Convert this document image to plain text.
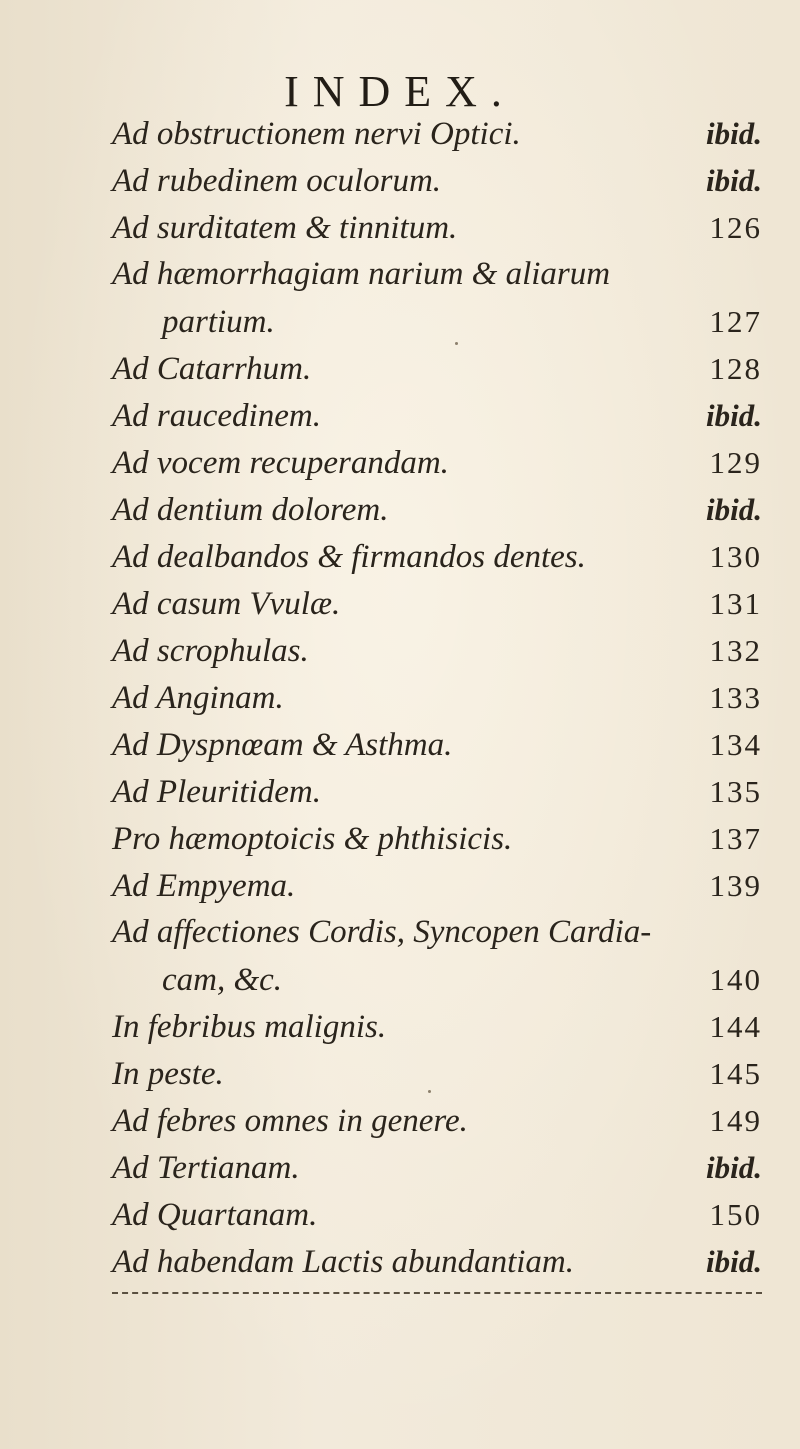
INDEX.
Ad obstructionem nervi Optici.	ibid.
Ad rubedinem oculorum.	ibid.
Ad surditatem & tinnitum.	126
Ad hæmorrhagiam narium & aliarum
partium.	127
Ad Catarrhum.	128
Ad raucedinem.	ibid.
Ad vocem recuperandam.	129
Ad dentium dolorem.	ibid.
Ad dealbandos & firmandos dentes.	130
Ad casum Vvulæ.	131
Ad scrophulas.	132
Ad Anginam.	133
Ad Dyspnœam & Asthma.	134
Ad Pleuritidem.	135
Pro hæmoptoicis & phthisicis.	137
Ad Empyema.	139
Ad affectiones Cordis, Syncopen Cardia-
cam, &c.	140
In febribus malignis.	144
In peste.	145
Ad febres omnes in genere.	149
Ad Tertianam.	ibid.
Ad Quartanam.	150
Ad habendam Lactis abundantiam.	ibid.
